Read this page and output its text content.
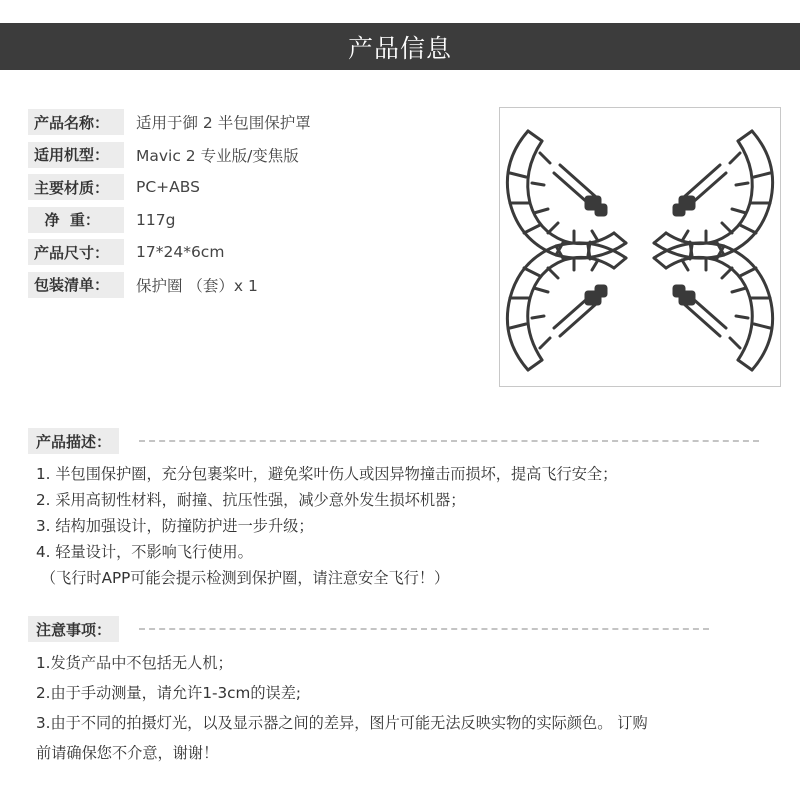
产品信息
产品名称：	适用于御 2 半包围保护罩
适用机型：	Mavic 2 专业版/变焦版
主要材质：	PC+ABS
净  重：	117g
产品尺寸：	17*24*6cm
包装清单：	保护圈 （套）x 1
产品描述：
1. 半包围保护圈，充分包裹桨叶，避免桨叶伤人或因异物撞击而损坏，提高飞行安全；
2. 采用高韧性材料，耐撞、抗压性强，减少意外发生损坏机器；
3. 结构加强设计，防撞防护进一步升级；
4. 轻量设计，不影响飞行使用。
（飞行时APP可能会提示检测到保护圈，请注意安全飞行！）
注意事项：
1.发货产品中不包括无人机；
2.由于手动测量，请允许1-3cm的误差;
3.由于不同的拍摄灯光，以及显示器之间的差异，图片可能无法反映实物的实际颜色。 订购
前请确保您不介意，谢谢！
